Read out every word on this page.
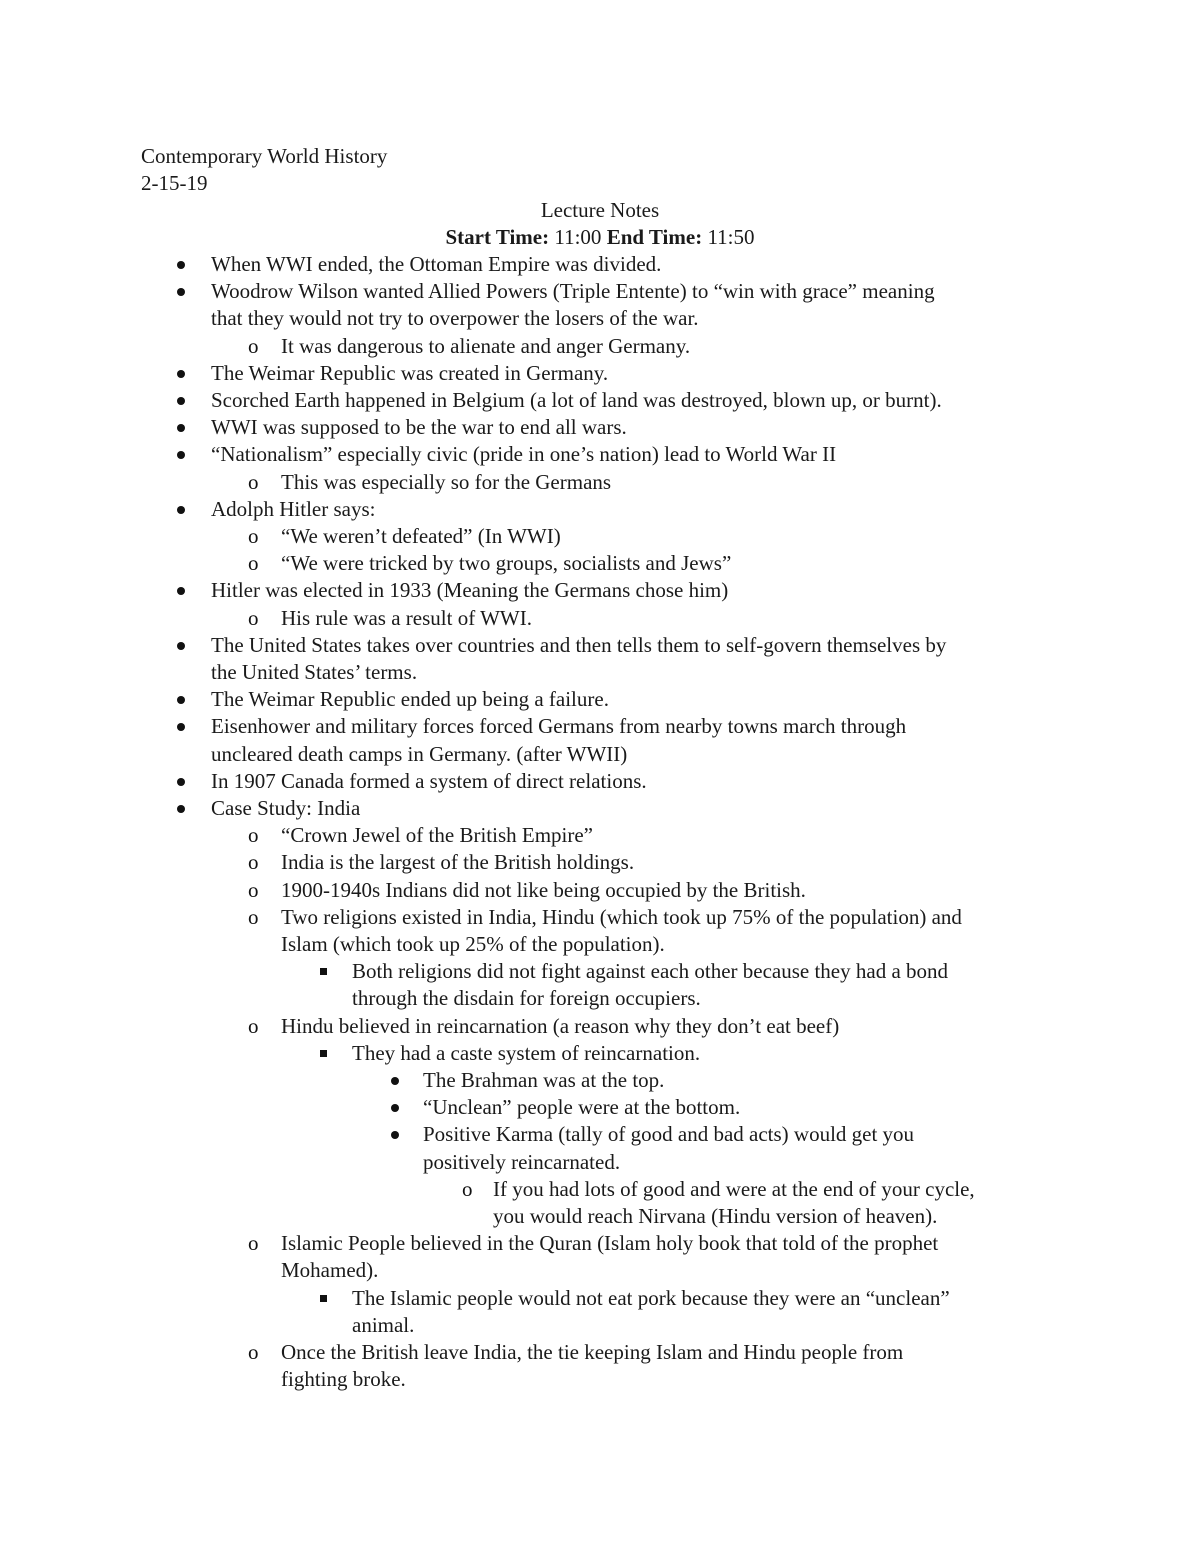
Contemporary World History
2-15-19
Lecture Notes
Start Time: 11:00 End Time: 11:50
When WWI ended, the Ottoman Empire was divided.
Woodrow Wilson wanted Allied Powers (Triple Entente) to “win with grace” meaning
that they would not try to overpower the losers of the war.
o It was dangerous to alienate and anger Germany.
The Weimar Republic was created in Germany.
Scorched Earth happened in Belgium (a lot of land was destroyed, blown up, or burnt).
WWI was supposed to be the war to end all wars.
“Nationalism” especially civic (pride in one’s nation) lead to World War II
o This was especially so for the Germans
Adolph Hitler says:
o “We weren’t defeated” (In WWI)
o “We were tricked by two groups, socialists and Jews”
Hitler was elected in 1933 (Meaning the Germans chose him)
o His rule was a result of WWI.
The United States takes over countries and then tells them to self-govern themselves by
the United States’ terms.
The Weimar Republic ended up being a failure.
Eisenhower and military forces forced Germans from nearby towns march through
uncleared death camps in Germany. (after WWII)
In 1907 Canada formed a system of direct relations.
Case Study: India
o “Crown Jewel of the British Empire”
o India is the largest of the British holdings.
o 1900-1940s Indians did not like being occupied by the British.
o Two religions existed in India, Hindu (which took up 75% of the population) and
Islam (which took up 25% of the population).
Both religions did not fight against each other because they had a bond
through the disdain for foreign occupiers.
o Hindu believed in reincarnation (a reason why they don’t eat beef)
They had a caste system of reincarnation.
The Brahman was at the top.
“Unclean” people were at the bottom.
Positive Karma (tally of good and bad acts) would get you
positively reincarnated.
o If you had lots of good and were at the end of your cycle,
you would reach Nirvana (Hindu version of heaven).
o Islamic People believed in the Quran (Islam holy book that told of the prophet
Mohamed).
The Islamic people would not eat pork because they were an “unclean”
animal.
o Once the British leave India, the tie keeping Islam and Hindu people from
fighting broke.
